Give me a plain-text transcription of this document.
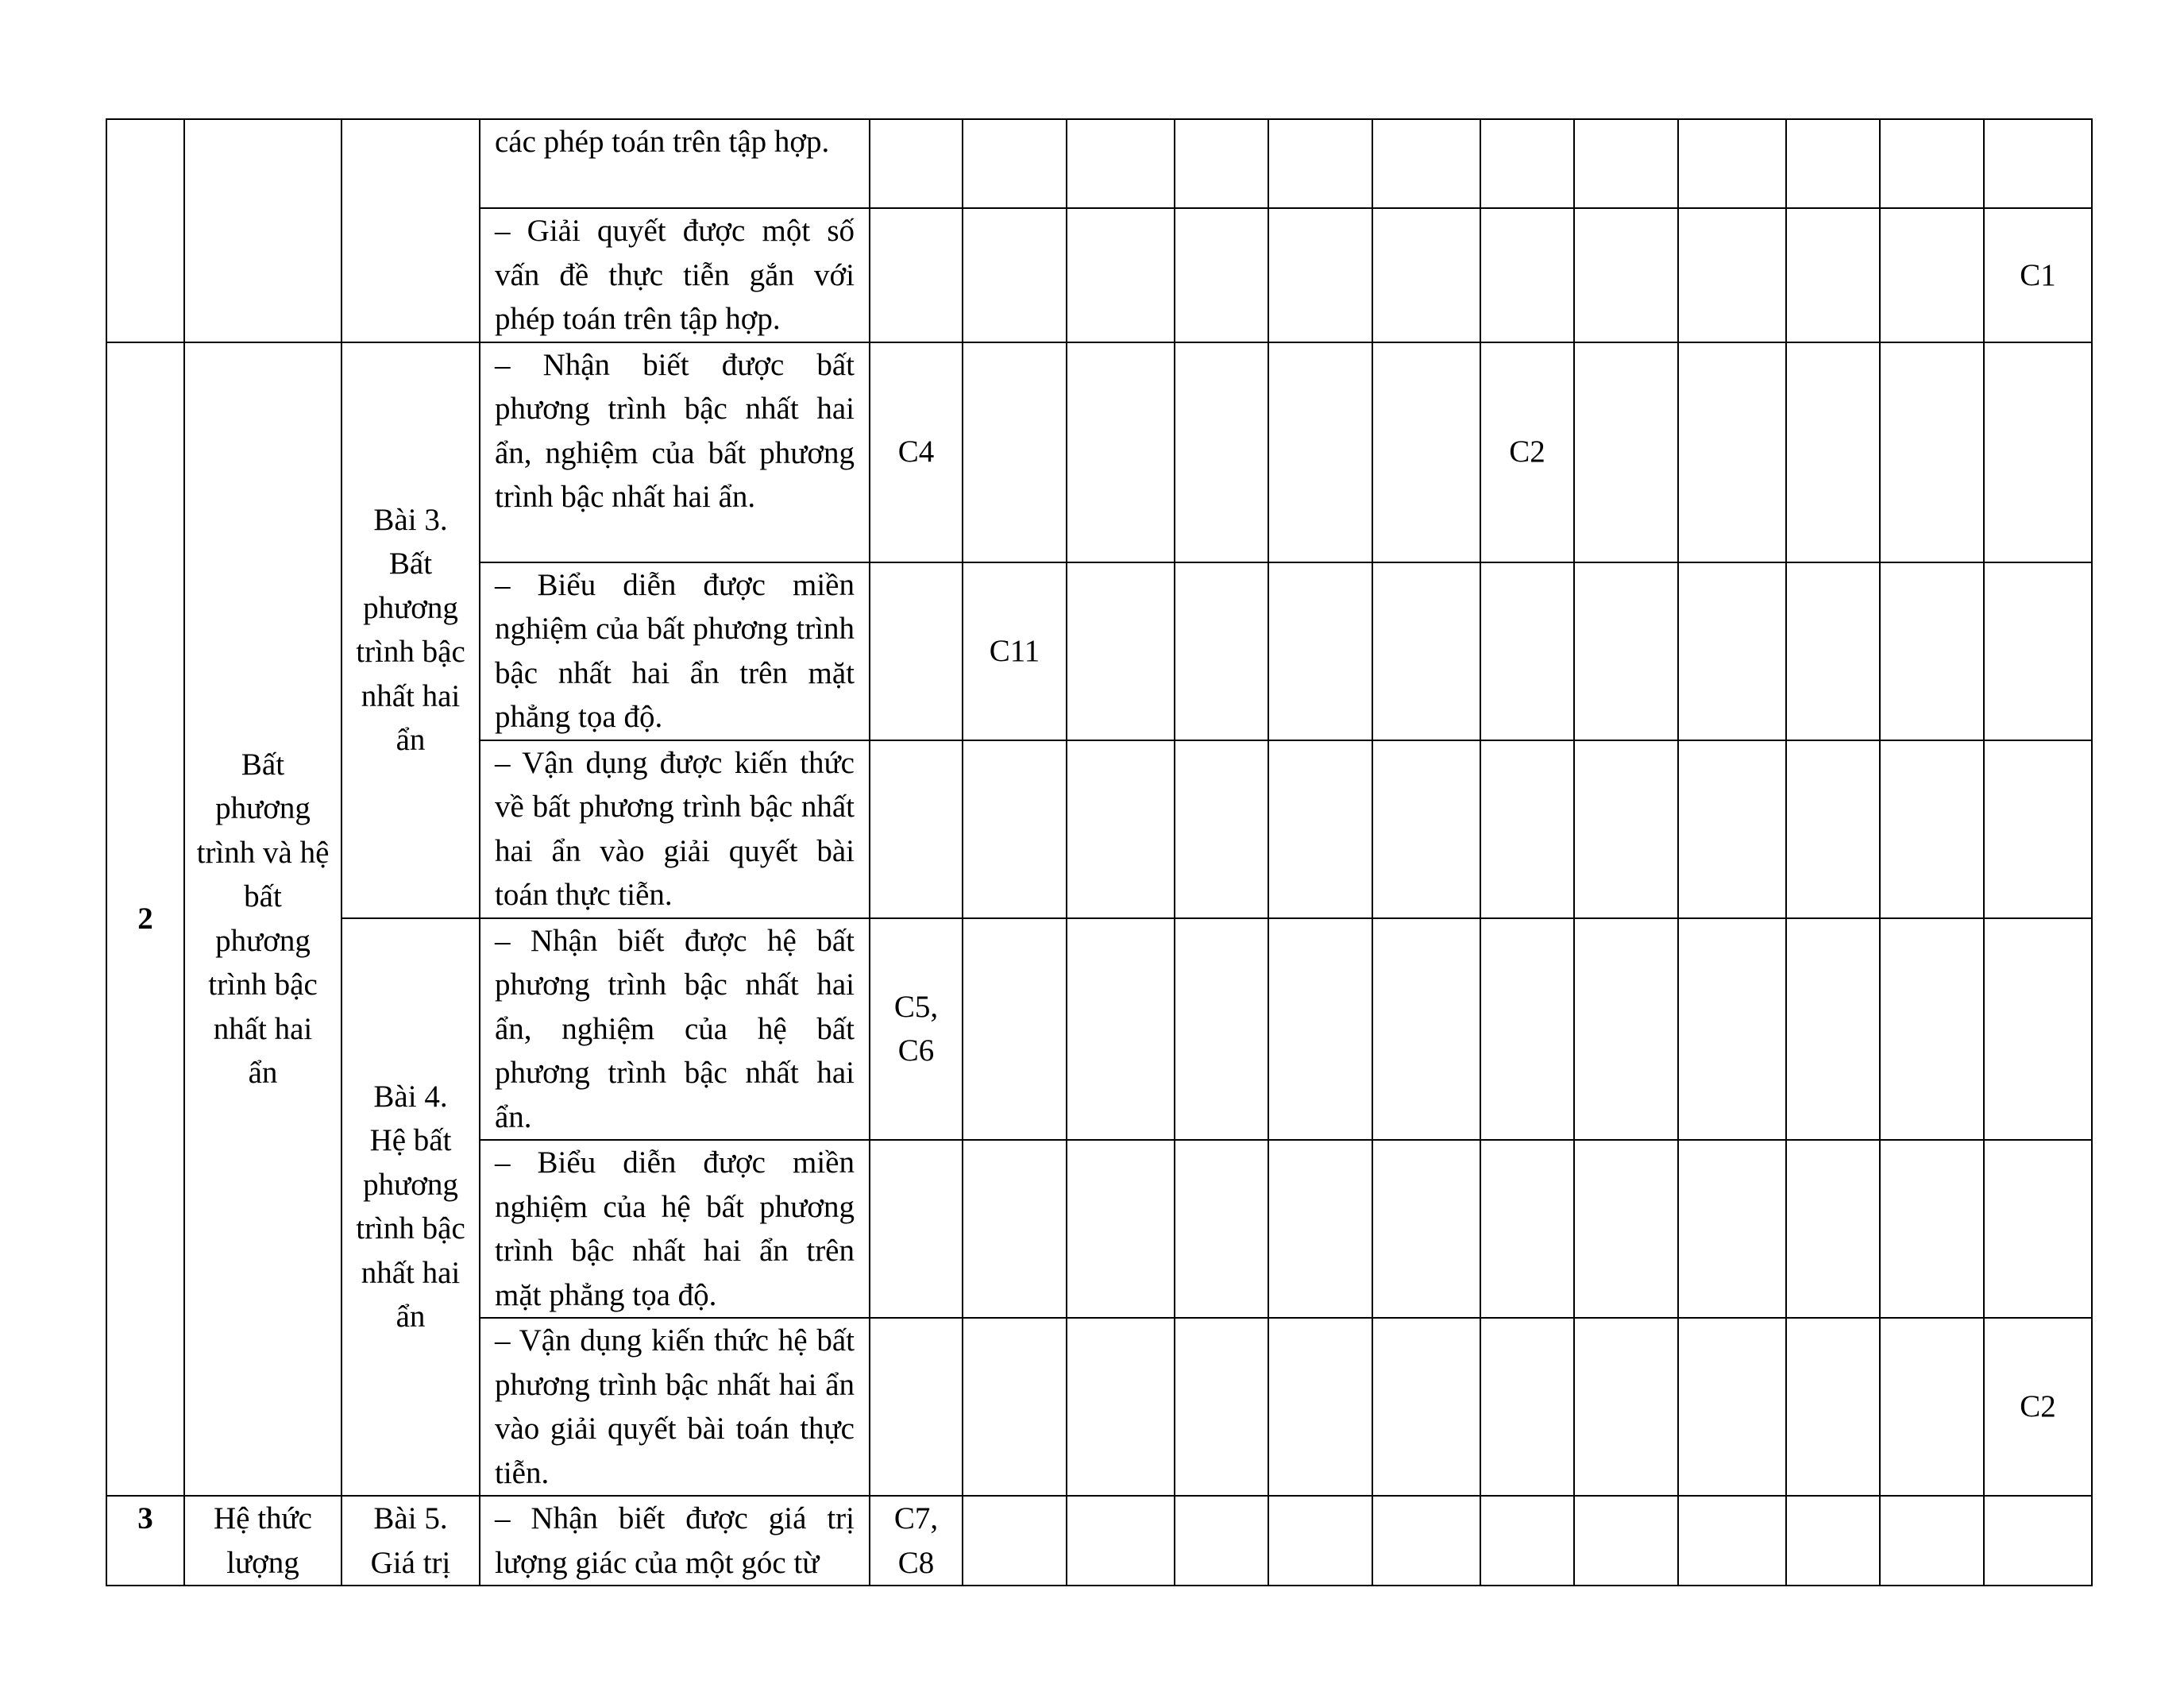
			các phép toán trên tập hợp.												

			– Giải quyết được một số vấn đề thực tiễn gắn với phép toán trên tập hợp.												C1

2	Bất phương trình và hệ bất phương trình bậc nhất hai ẩn	Bài 3. Bất phương trình bậc nhất hai ẩn	– Nhận biết được bất phương trình bậc nhất hai ẩn, nghiệm của bất phương trình bậc nhất hai ẩn.	C4						C2					

			– Biểu diễn được miền nghiệm của bất phương trình bậc nhất hai ẩn trên mặt phẳng tọa độ.		C11										

			– Vận dụng được kiến thức về bất phương trình bậc nhất hai ẩn vào giải quyết bài toán thực tiễn.												

		Bài 4. Hệ bất phương trình bậc nhất hai ẩn	– Nhận biết được hệ bất phương trình bậc nhất hai ẩn, nghiệm của hệ bất phương trình bậc nhất hai ẩn.	C5, C6											

			– Biểu diễn được miền nghiệm của hệ bất phương trình bậc nhất hai ẩn trên mặt phẳng tọa độ.												

			– Vận dụng kiến thức hệ bất phương trình bậc nhất hai ẩn vào giải quyết bài toán thực tiễn.												C2

3	Hệ thức lượng	Bài 5. Giá trị	– Nhận biết được giá trị lượng giác của một góc từ	C7, C8											
